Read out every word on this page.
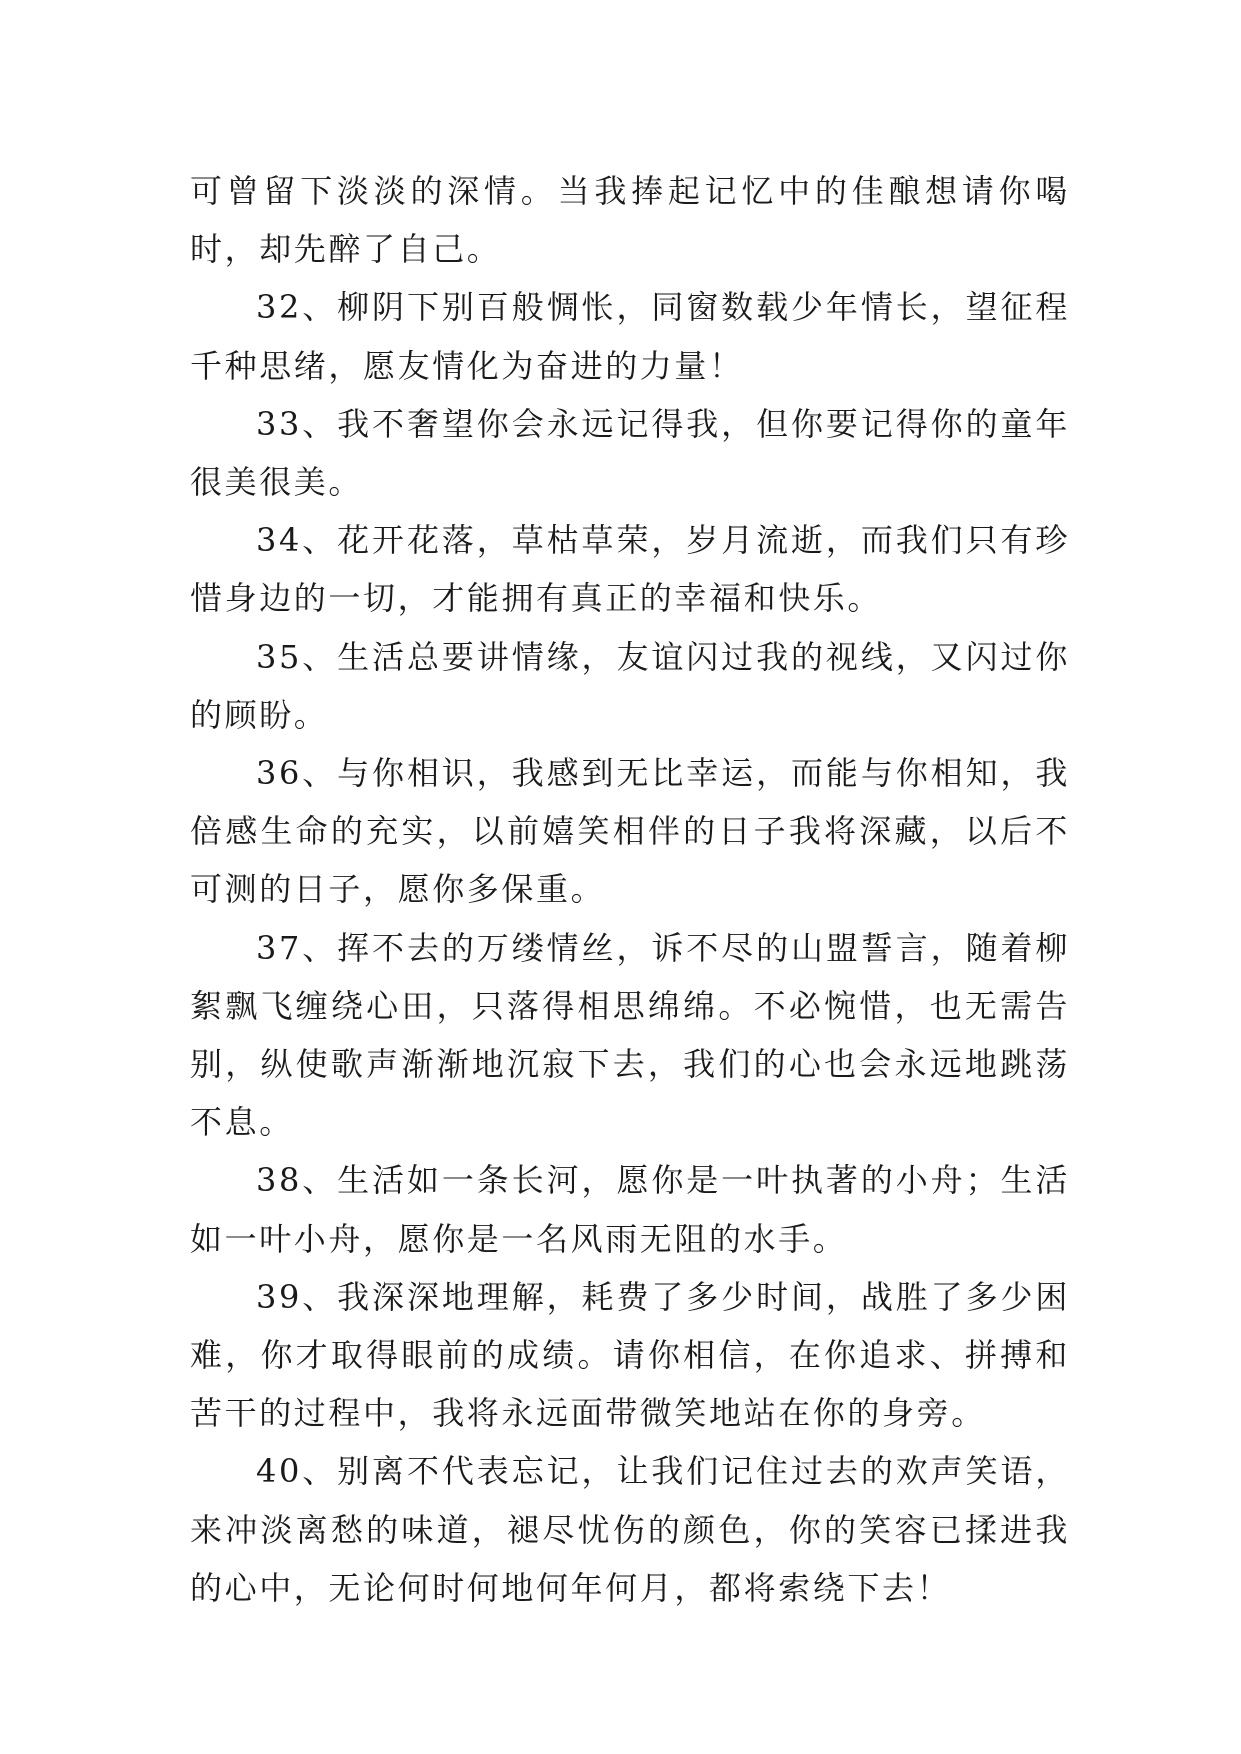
可曾留下淡淡的深情。当我捧起记忆中的佳酿想请你喝时，却先醉了自己。

32、柳阴下别百般惆怅，同窗数载少年情长，望征程千种思绪，愿友情化为奋进的力量！

33、我不奢望你会永远记得我，但你要记得你的童年很美很美。

34、花开花落，草枯草荣，岁月流逝，而我们只有珍惜身边的一切，才能拥有真正的幸福和快乐。

35、生活总要讲情缘，友谊闪过我的视线，又闪过你的顾盼。

36、与你相识，我感到无比幸运，而能与你相知，我倍感生命的充实，以前嬉笑相伴的日子我将深藏，以后不可测的日子，愿你多保重。

37、挥不去的万缕情丝，诉不尽的山盟誓言，随着柳絮飘飞缠绕心田，只落得相思绵绵。不必惋惜，也无需告别，纵使歌声渐渐地沉寂下去，我们的心也会永远地跳荡不息。

38、生活如一条长河，愿你是一叶执著的小舟；生活如一叶小舟，愿你是一名风雨无阻的水手。

39、我深深地理解，耗费了多少时间，战胜了多少困难，你才取得眼前的成绩。请你相信，在你追求、拼搏和苦干的过程中，我将永远面带微笑地站在你的身旁。

40、别离不代表忘记，让我们记住过去的欢声笑语，来冲淡离愁的味道，褪尽忧伤的颜色，你的笑容已揉进我的心中，无论何时何地何年何月，都将索绕下去！
